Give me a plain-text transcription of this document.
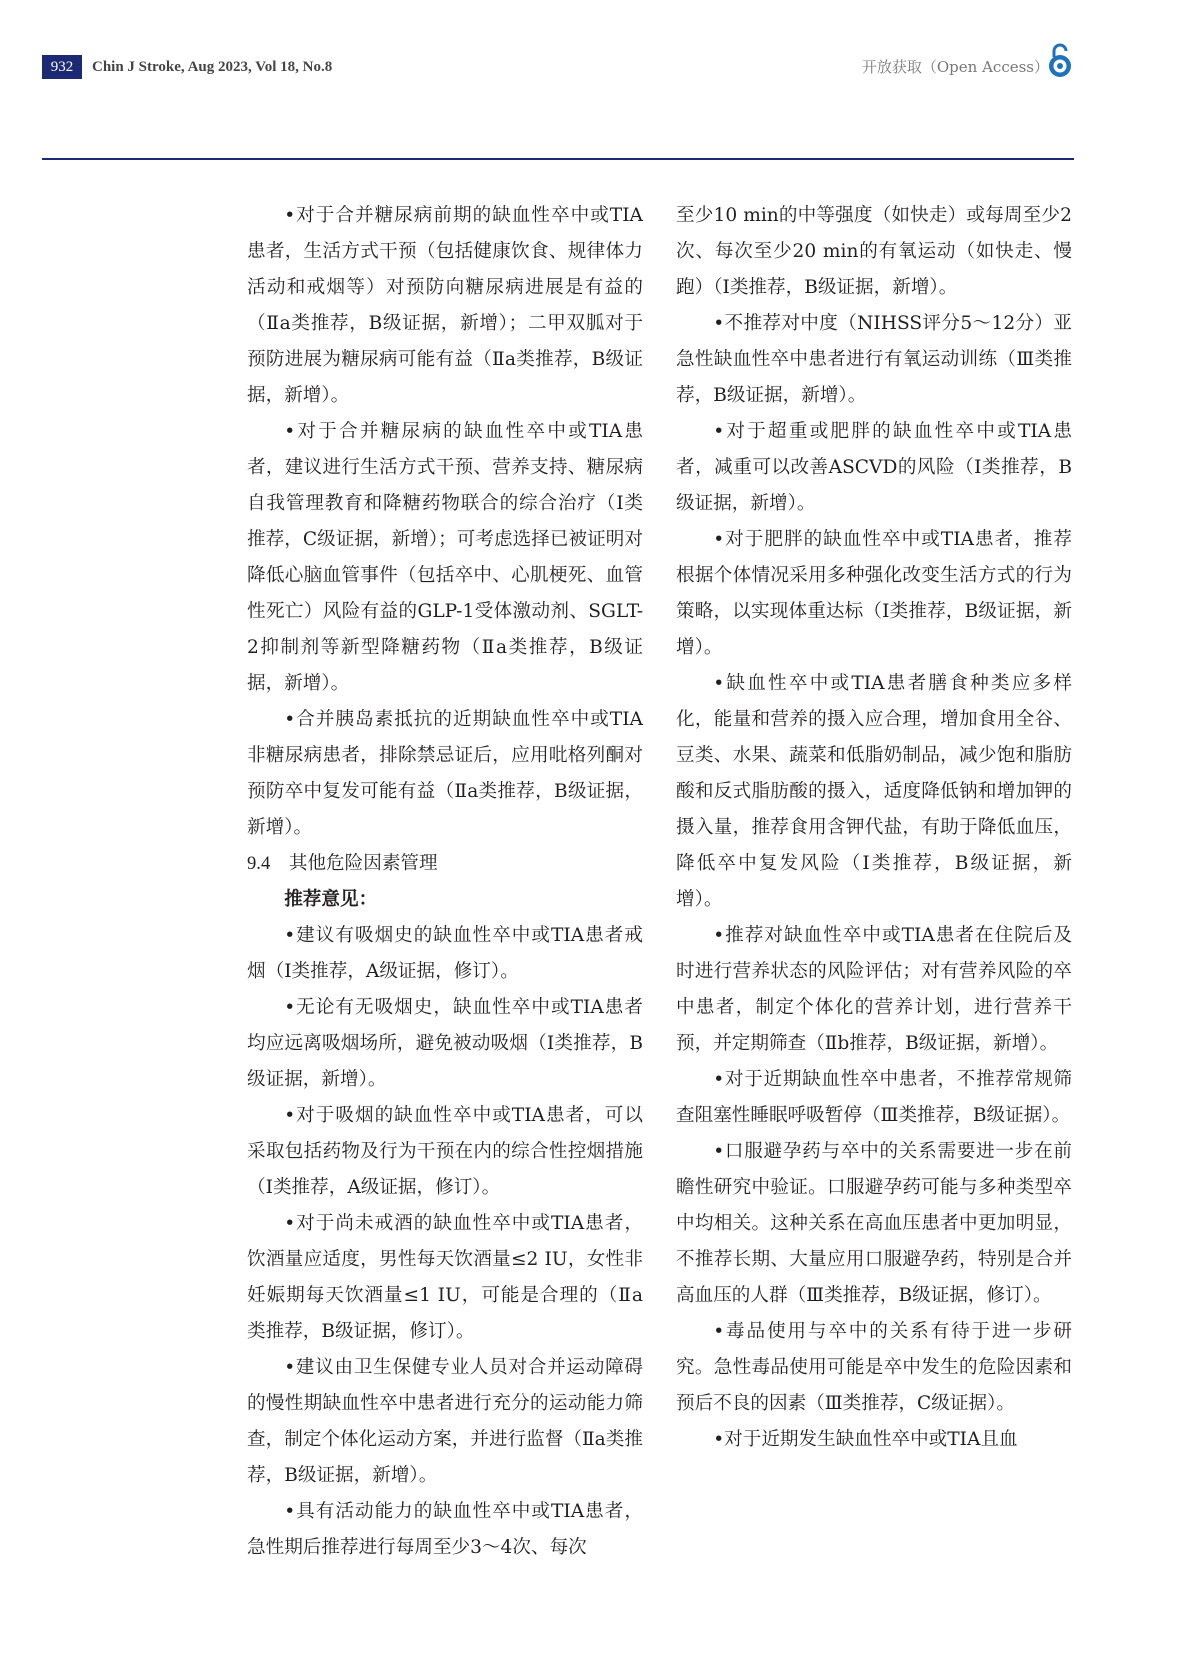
932	Chin J Stroke, Aug 2023, Vol 18, No.8	开放获取（Open Access）

•对于合并糖尿病前期的缺血性卒中或TIA患者，生活方式干预（包括健康饮食、规律体力活动和戒烟等）对预防向糖尿病进展是有益的（Ⅱa类推荐，B级证据，新增）；二甲双胍对于预防进展为糖尿病可能有益（Ⅱa类推荐，B级证据，新增）。

•对于合并糖尿病的缺血性卒中或TIA患者，建议进行生活方式干预、营养支持、糖尿病自我管理教育和降糖药物联合的综合治疗（Ⅰ类推荐，C级证据，新增）；可考虑选择已被证明对降低心脑血管事件（包括卒中、心肌梗死、血管性死亡）风险有益的GLP-1受体激动剂、SGLT-2抑制剂等新型降糖药物（Ⅱa类推荐，B级证据，新增）。

•合并胰岛素抵抗的近期缺血性卒中或TIA非糖尿病患者，排除禁忌证后，应用吡格列酮对预防卒中复发可能有益（Ⅱa类推荐，B级证据，新增）。

9.4  其他危险因素管理

推荐意见：

•建议有吸烟史的缺血性卒中或TIA患者戒烟（Ⅰ类推荐，A级证据，修订）。

•无论有无吸烟史，缺血性卒中或TIA患者均应远离吸烟场所，避免被动吸烟（Ⅰ类推荐，B级证据，新增）。

•对于吸烟的缺血性卒中或TIA患者，可以采取包括药物及行为干预在内的综合性控烟措施（Ⅰ类推荐，A级证据，修订）。

•对于尚未戒酒的缺血性卒中或TIA患者，饮酒量应适度，男性每天饮酒量≤2 IU，女性非妊娠期每天饮酒量≤1 IU，可能是合理的（Ⅱa类推荐，B级证据，修订）。

•建议由卫生保健专业人员对合并运动障碍的慢性期缺血性卒中患者进行充分的运动能力筛查，制定个体化运动方案，并进行监督（Ⅱa类推荐，B级证据，新增）。

•具有活动能力的缺血性卒中或TIA患者，急性期后推荐进行每周至少3～4次、每次

至少10 min的中等强度（如快走）或每周至少2次、每次至少20 min的有氧运动（如快走、慢跑）（Ⅰ类推荐，B级证据，新增）。

•不推荐对中度（NIHSS评分5～12分）亚急性缺血性卒中患者进行有氧运动训练（Ⅲ类推荐，B级证据，新增）。

•对于超重或肥胖的缺血性卒中或TIA患者，减重可以改善ASCVD的风险（Ⅰ类推荐，B级证据，新增）。

•对于肥胖的缺血性卒中或TIA患者，推荐根据个体情况采用多种强化改变生活方式的行为策略，以实现体重达标（Ⅰ类推荐，B级证据，新增）。

•缺血性卒中或TIA患者膳食种类应多样化，能量和营养的摄入应合理，增加食用全谷、豆类、水果、蔬菜和低脂奶制品，减少饱和脂肪酸和反式脂肪酸的摄入，适度降低钠和增加钾的摄入量，推荐食用含钾代盐，有助于降低血压，降低卒中复发风险（Ⅰ类推荐，B级证据，新增）。

•推荐对缺血性卒中或TIA患者在住院后及时进行营养状态的风险评估；对有营养风险的卒中患者，制定个体化的营养计划，进行营养干预，并定期筛查（Ⅱb推荐，B级证据，新增）。

•对于近期缺血性卒中患者，不推荐常规筛查阻塞性睡眠呼吸暂停（Ⅲ类推荐，B级证据）。

•口服避孕药与卒中的关系需要进一步在前瞻性研究中验证。口服避孕药可能与多种类型卒中均相关。这种关系在高血压患者中更加明显，不推荐长期、大量应用口服避孕药，特别是合并高血压的人群（Ⅲ类推荐，B级证据，修订）。

•毒品使用与卒中的关系有待于进一步研究。急性毒品使用可能是卒中发生的危险因素和预后不良的因素（Ⅲ类推荐，C级证据）。

•对于近期发生缺血性卒中或TIA且血
